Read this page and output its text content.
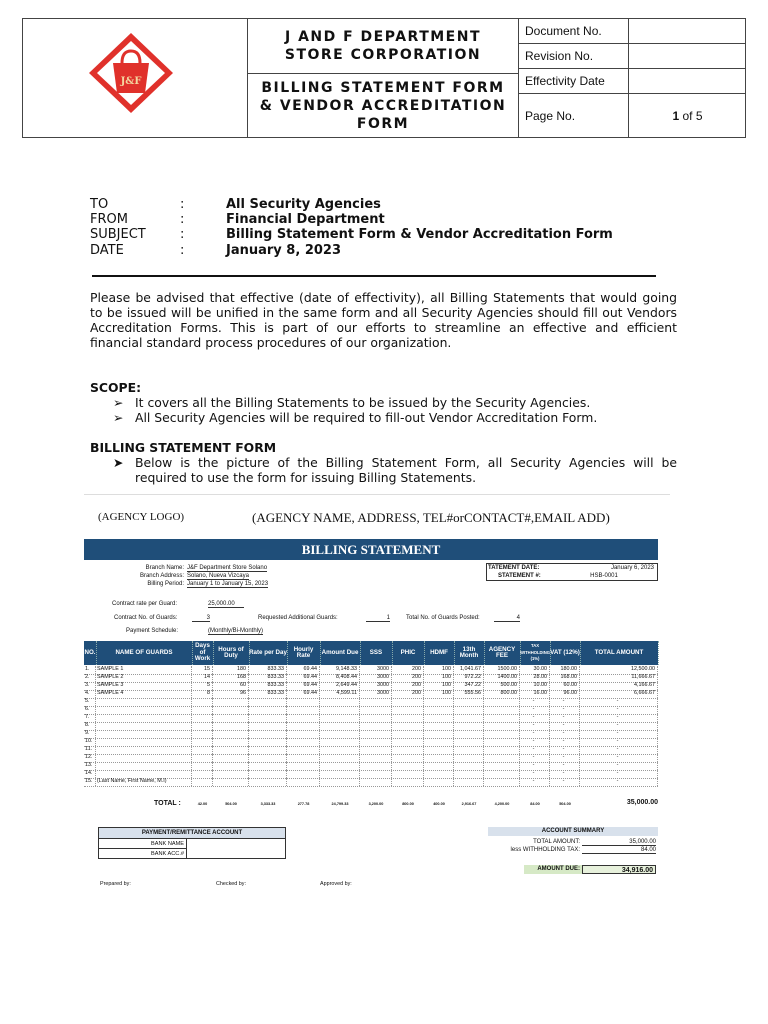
J&F
J AND F DEPARTMENT
STORE CORPORATION
BILLING STATEMENT FORM
& VENDOR ACCREDITATION
FORM
Document No.
Revision No.
Effectivity Date
Page No.	1 of 5
TO	:	All Security Agencies
FROM	:	Financial Department
SUBJECT	:	Billing Statement Form & Vendor Accreditation Form
DATE	:	January 8, 2023
Please be advised that effective (date of effectivity), all Billing Statements that would going
to be issued will be unified in the same form and all Security Agencies should fill out Vendors
Accreditation Forms. This is part of our efforts to streamline an effective and efficient
financial standard process procedures of our organization.
SCOPE:
➢ It covers all the Billing Statements to be issued by the Security Agencies.
➢ All Security Agencies will be required to fill-out Vendor Accreditation Form.
BILLING STATEMENT FORM
➤ Below is the picture of the Billing Statement Form, all Security Agencies will be
required to use the form for issuing Billing Statements.
(AGENCY LOGO)	(AGENCY NAME, ADDRESS, TEL#orCONTACT#,EMAIL ADD)
BILLING STATEMENT
Branch Name: J&F Department Store Solano
Branch Address: Solano, Nueva Vizcaya
Billing Period: January 1 to January 15, 2023
TATEMENT DATE:	January 6, 2023
STATEMENT #:	HSB-0001
Contract rate per Guard:	25,000.00
Contract No. of Guards:	3	Requested Additional Guards:	1	Total No. of Guards Posted:	4
Payment Schedule:	(Monthly/Bi-Monthly)
NO.	NAME OF GUARDS
Days of Work
Hours of Duty	Rate per Day	Hourly Rate	Amount Due	SSS	PHIC	HDMF	13th Month
AGENCY FEE
TAX WITHHOLDING (1%)
VAT (12%)	TOTAL AMOUNT
1.	SAMPLE 1	15	180	833.33	69.44	9,148.33	3000	200	100	1,041.67	1500.00	30.00	180.00	12,500.00
2.	SAMPLE 2	14	168	833.33	69.44	8,408.44	3000	200	100	972.22	1400.00	28.00	168.00	11,666.67
3.	SAMPLE 3	5	60	833.33	69.44	2,649.44	3000	200	100	347.22	500.00	10.00	60.00	4,166.67
4.	SAMPLE 4	8	96	833.33	69.44	4,599.11	3000	200	100	555.56	800.00	16.00	96.00	6,666.67
5.	-	-	-
6.	-	-	-
7.	-	-	-
8.	-	-	-
9.	-	-	-
10.	-	-	-
11.	-	-	-
12.	-	-	-
13.	-	-	-
14.	-	-	-
15. (Last Name, First Name, M.I)	-	-	-
TOTAL :	42.00	504.00	3,333.33	277.78	24,799.33	3,200.00	800.00	400.00	2,916.67	4,200.00	84.00	504.00	35,000.00
PAYMENT/REMITTANCE ACCOUNT
BANK NAME
BANK ACC.#
ACCOUNT SUMMARY
TOTAL AMOUNT:	35,000.00
less WITHHOLDING TAX:	84.00
AMOUNT DUE:	34,916.00
Prepared by:	Checked by:	Approved by:
